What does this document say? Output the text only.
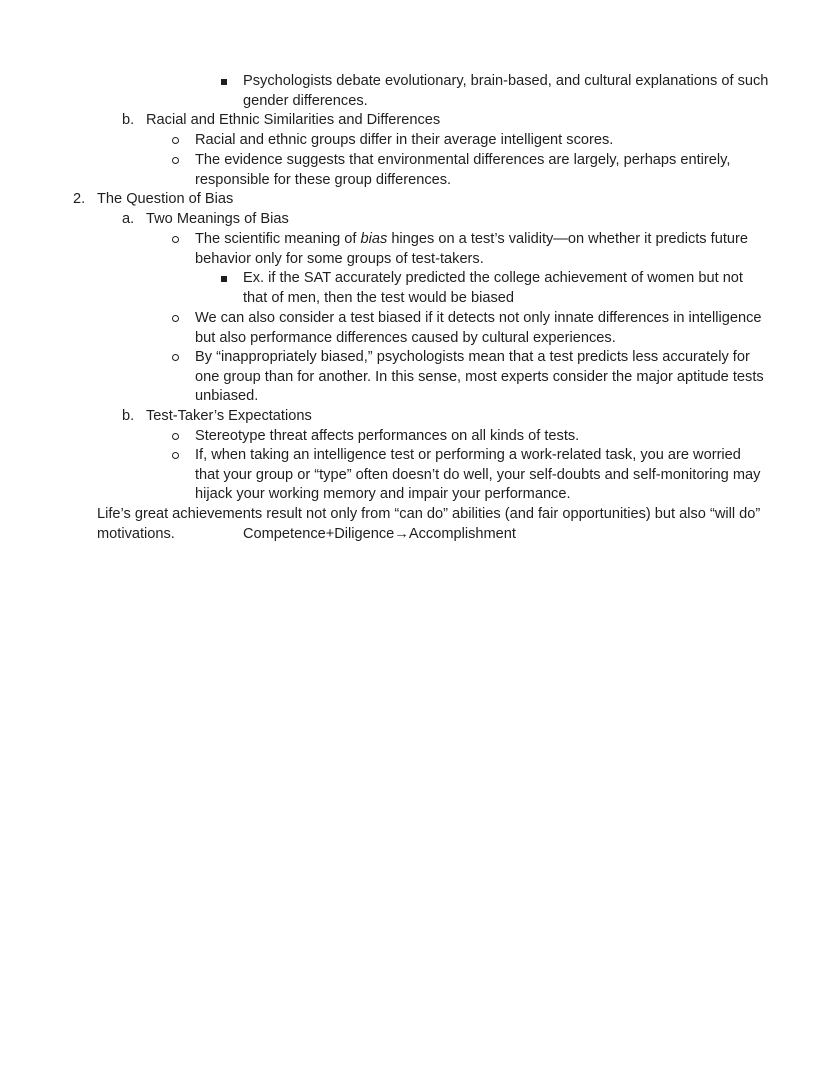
Psychologists debate evolutionary, brain-based, and cultural explanations of such
gender differences.
b. Racial and Ethnic Similarities and Differences
Racial and ethnic groups differ in their average intelligent scores.
The evidence suggests that environmental differences are largely, perhaps entirely,
responsible for these group differences.
2. The Question of Bias
a. Two Meanings of Bias
The scientific meaning of bias hinges on a test’s validity—on whether it predicts future
behavior only for some groups of test-takers.
Ex. if the SAT accurately predicted the college achievement of women but not
that of men, then the test would be biased
We can also consider a test biased if it detects not only innate differences in intelligence
but also performance differences caused by cultural experiences.
By “inappropriately biased,” psychologists mean that a test predicts less accurately for
one group than for another. In this sense, most experts consider the major aptitude tests
unbiased.
b. Test-Taker’s Expectations
Stereotype threat affects performances on all kinds of tests.
If, when taking an intelligence test or performing a work-related task, you are worried
that your group or “type” often doesn’t do well, your self-doubts and self-monitoring may
hijack your working memory and impair your performance.
Life’s great achievements result not only from “can do” abilities (and fair opportunities) but also “will do”
motivations.	Competence+Diligence→Accomplishment
